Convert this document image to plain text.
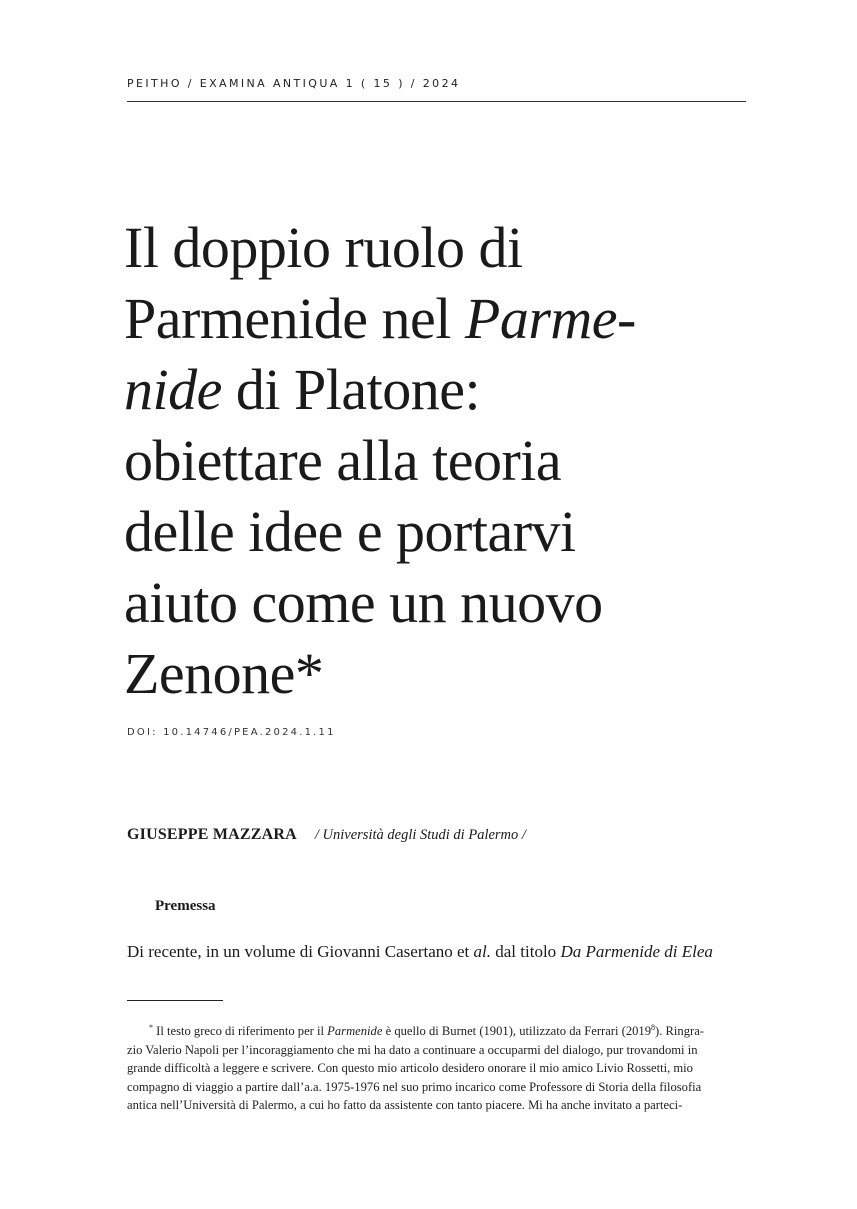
PEITHO / EXAMINA ANTIQUA 1 ( 15 ) / 2024
Il doppio ruolo di
Parmenide nel Parme-
nide di Platone:
obiettare alla teoria
delle idee e portarvi
aiuto come un nuovo
Zenone*
DOI: 10.14746/PEA.2024.1.11
GIUSEPPE MAZZARA / Università degli Studi di Palermo /
Premessa
Di recente, in un volume di Giovanni Casertano et al. dal titolo Da Parmenide di Elea
* Il testo greco di riferimento per il Parmenide è quello di Burnet (1901), utilizzato da Ferrari (2019$^8$). Ringra-
zio Valerio Napoli per l’incoraggiamento che mi ha dato a continuare a occuparmi del dialogo, pur trovandomi in
grande difficoltà a leggere e scrivere. Con questo mio articolo desidero onorare il mio amico Livio Rossetti, mio
compagno di viaggio a partire dall’a.a. 1975-1976 nel suo primo incarico come Professore di Storia della filosofia
antica nell’Università di Palermo, a cui ho fatto da assistente con tanto piacere. Mi ha anche invitato a parteci-
